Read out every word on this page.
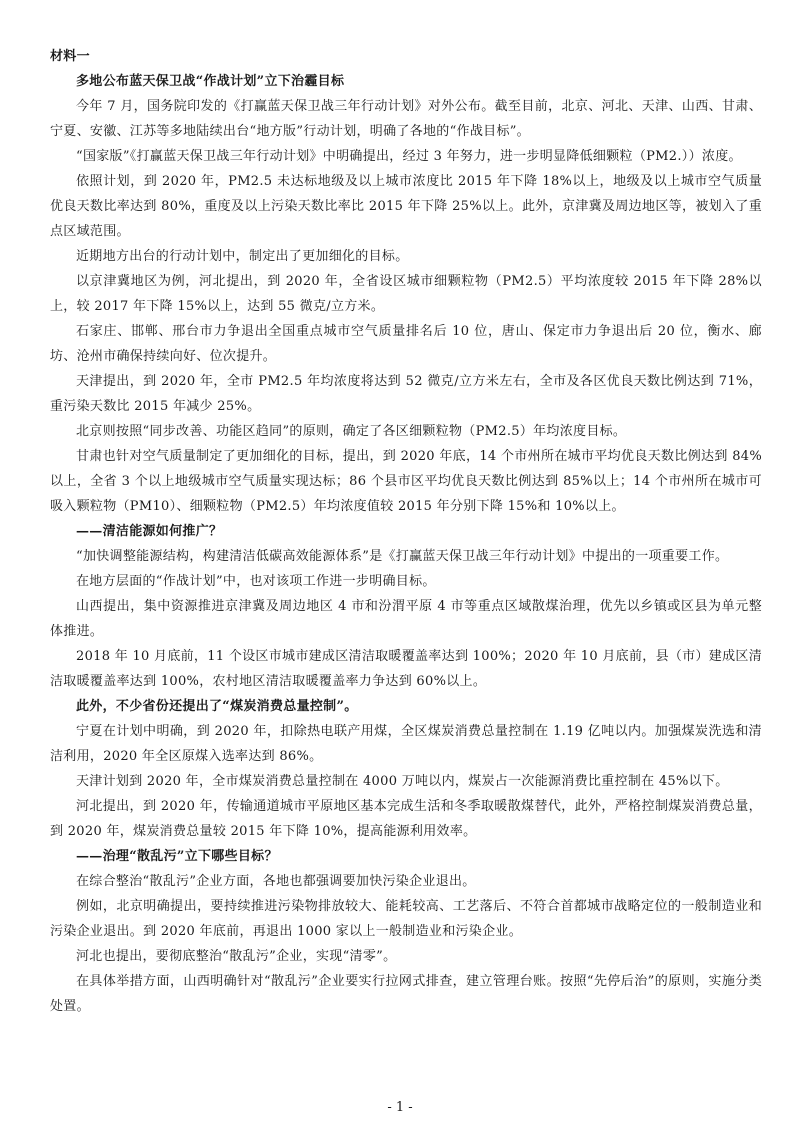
材料一

多地公布蓝天保卫战“作战计划”立下治霾目标

今年 7 月，国务院印发的《打赢蓝天保卫战三年行动计划》对外公布。截至目前，北京、河北、天津、山西、甘肃、宁夏、安徽、江苏等多地陆续出台“地方版”行动计划，明确了各地的“作战目标”。

“国家版”《打赢蓝天保卫战三年行动计划》中明确提出，经过 3 年努力，进一步明显降低细颗粒（PM2.））浓度。

依照计划，到 2020 年，PM2.5 未达标地级及以上城市浓度比 2015 年下降 18%以上，地级及以上城市空气质量优良天数比率达到 80%，重度及以上污染天数比率比 2015 年下降 25%以上。此外，京津冀及周边地区等，被划入了重点区域范围。

近期地方出台的行动计划中，制定出了更加细化的目标。

以京津冀地区为例，河北提出，到 2020 年，全省设区城市细颗粒物（PM2.5）平均浓度较 2015 年下降 28%以上，较 2017 年下降 15%以上，达到 55 微克/立方米。

石家庄、邯郸、邢台市力争退出全国重点城市空气质量排名后 10 位，唐山、保定市力争退出后 20 位，衡水、廊坊、沧州市确保持续向好、位次提升。

天津提出，到 2020 年，全市 PM2.5 年均浓度将达到 52 微克/立方米左右，全市及各区优良天数比例达到 71%，重污染天数比 2015 年减少 25%。

北京则按照“同步改善、功能区趋同”的原则，确定了各区细颗粒物（PM2.5）年均浓度目标。

甘肃也针对空气质量制定了更加细化的目标，提出，到 2020 年底，14 个市州所在城市平均优良天数比例达到 84%以上，全省 3 个以上地级城市空气质量实现达标；86 个县市区平均优良天数比例达到 85%以上；14 个市州所在城市可吸入颗粒物（PM10）、细颗粒物（PM2.5）年均浓度值较 2015 年分别下降 15%和 10%以上。

——清洁能源如何推广？

“加快调整能源结构，构建清洁低碳高效能源体系”是《打赢蓝天保卫战三年行动计划》中提出的一项重要工作。

在地方层面的“作战计划”中，也对该项工作进一步明确目标。

山西提出，集中资源推进京津冀及周边地区 4 市和汾渭平原 4 市等重点区域散煤治理，优先以乡镇或区县为单元整体推进。

2018 年 10 月底前，11 个设区市城市建成区清洁取暖覆盖率达到 100%；2020 年 10 月底前，县（市）建成区清洁取暖覆盖率达到 100%，农村地区清洁取暖覆盖率力争达到 60%以上。

此外，不少省份还提出了“煤炭消费总量控制”。

宁夏在计划中明确，到 2020 年，扣除热电联产用煤，全区煤炭消费总量控制在 1.19 亿吨以内。加强煤炭洗选和清洁利用，2020 年全区原煤入选率达到 86%。

天津计划到 2020 年，全市煤炭消费总量控制在 4000 万吨以内，煤炭占一次能源消费比重控制在 45%以下。

河北提出，到 2020 年，传输通道城市平原地区基本完成生活和冬季取暖散煤替代，此外，严格控制煤炭消费总量，到 2020 年，煤炭消费总量较 2015 年下降 10%，提高能源利用效率。

——治理“散乱污”立下哪些目标？

在综合整治“散乱污”企业方面，各地也都强调要加快污染企业退出。

例如，北京明确提出，要持续推进污染物排放较大、能耗较高、工艺落后、不符合首都城市战略定位的一般制造业和污染企业退出。到 2020 年底前，再退出 1000 家以上一般制造业和污染企业。

河北也提出，要彻底整治“散乱污”企业，实现“清零”。

在具体举措方面，山西明确针对“散乱污”企业要实行拉网式排查，建立管理台账。按照“先停后治”的原则，实施分类处置。

- 1 -
